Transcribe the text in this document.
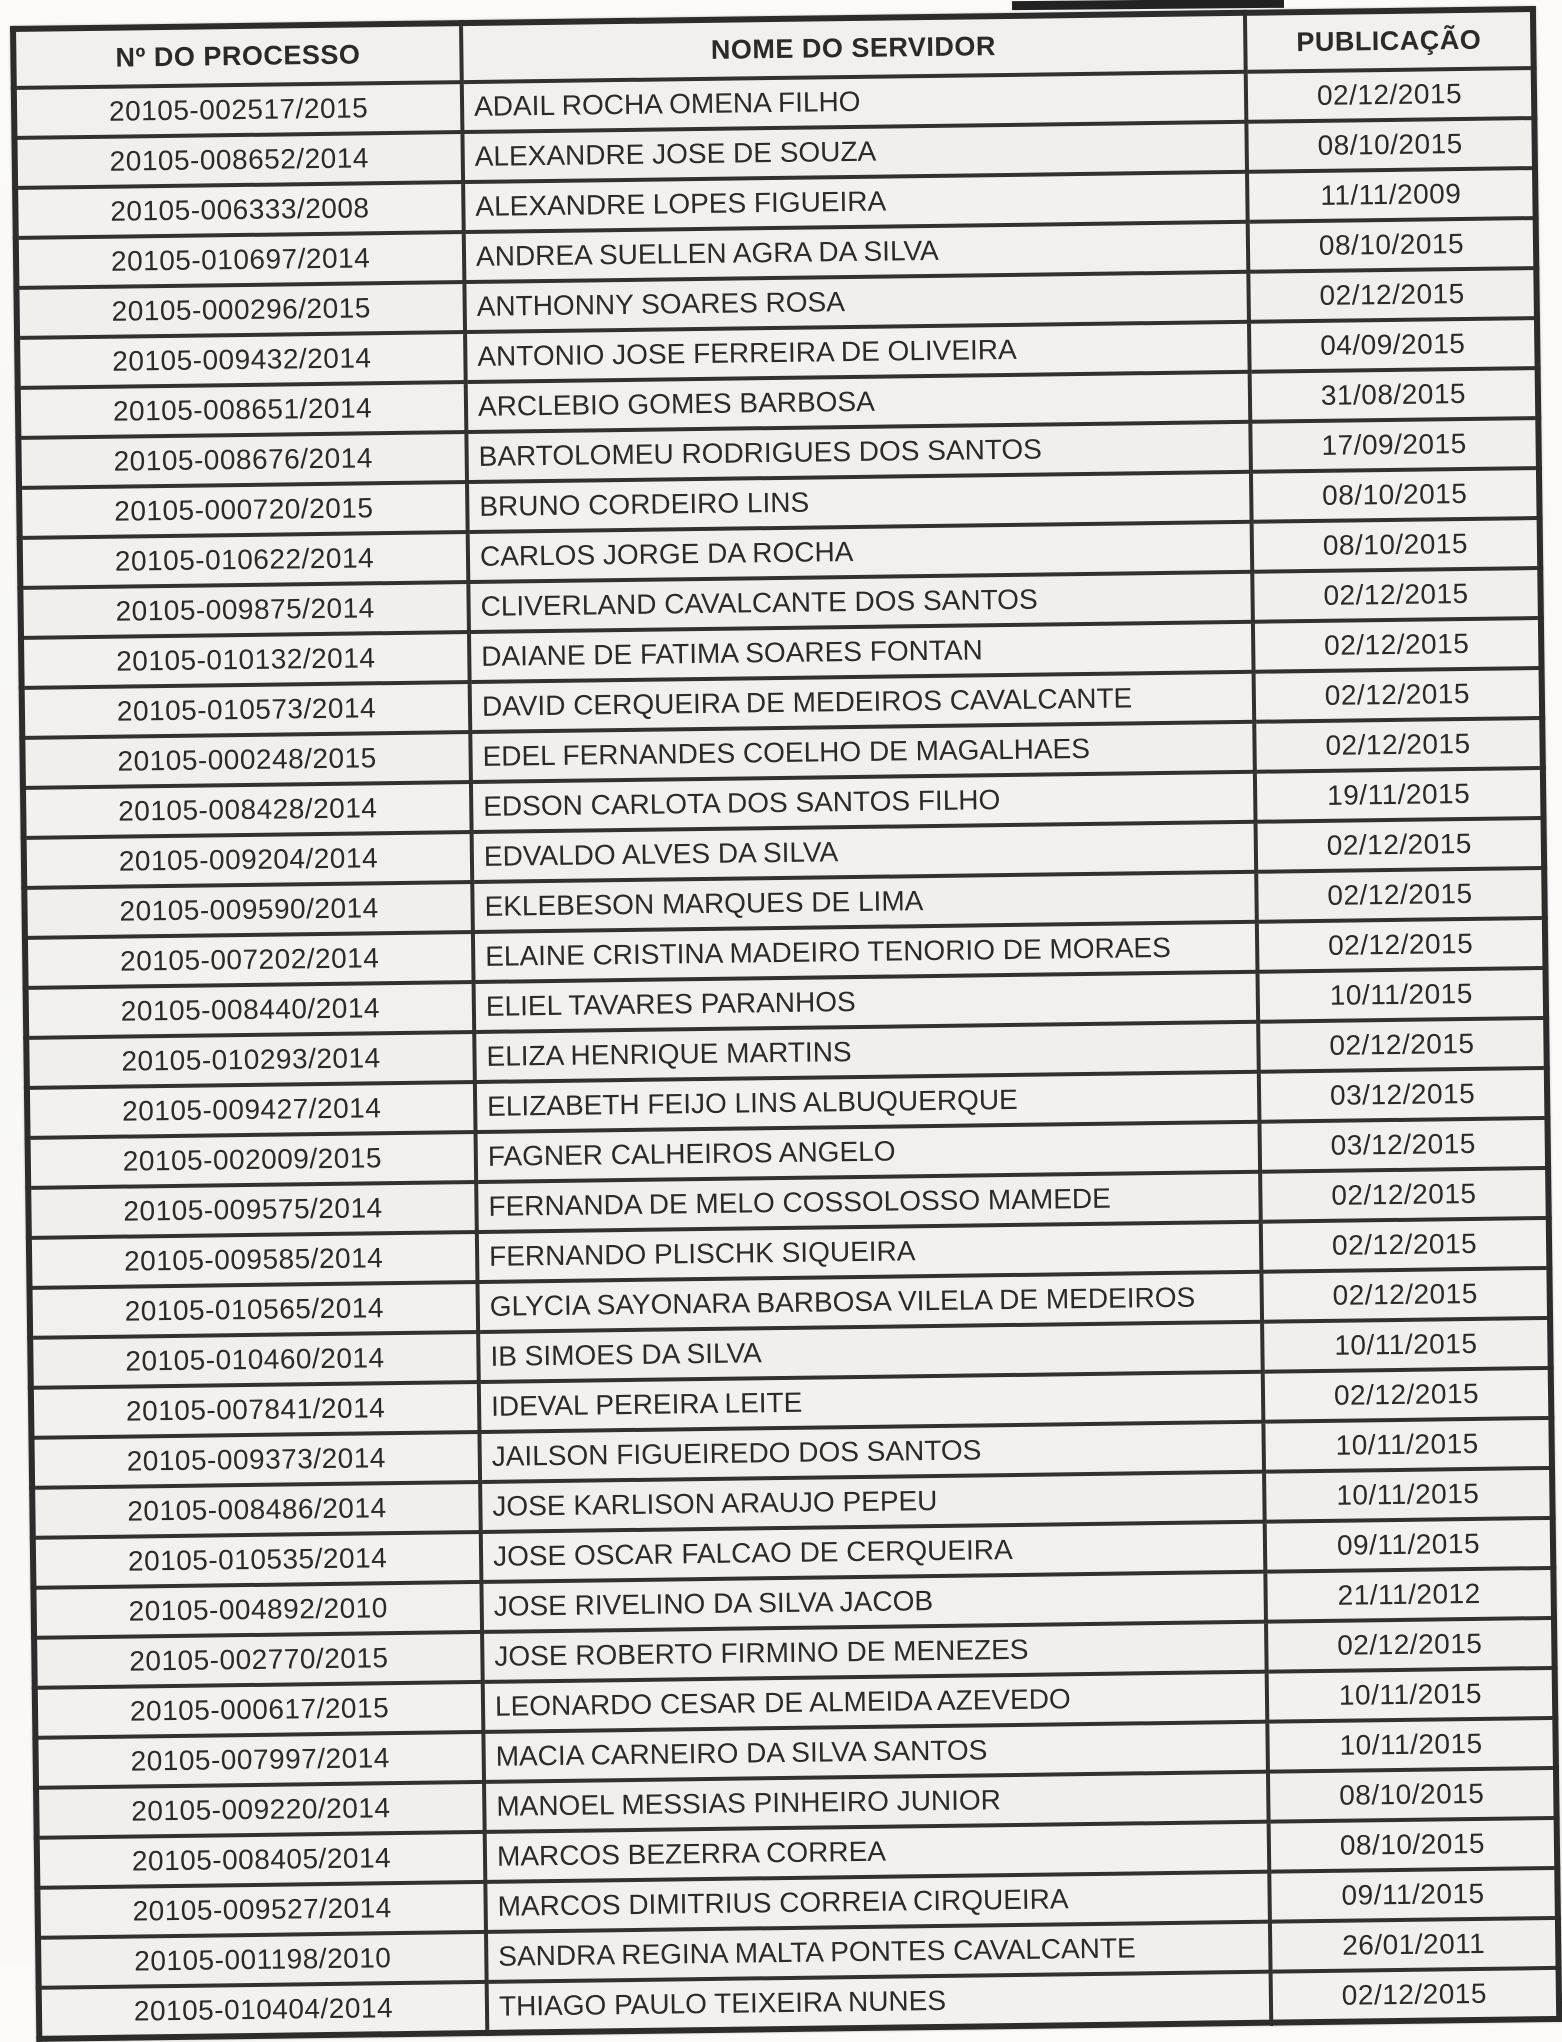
Nº DO PROCESSO	NOME DO SERVIDOR	PUBLICAÇÃO
20105-002517/2015	ADAIL ROCHA OMENA FILHO	02/12/2015
20105-008652/2014	ALEXANDRE JOSE DE SOUZA	08/10/2015
20105-006333/2008	ALEXANDRE LOPES FIGUEIRA	11/11/2009
20105-010697/2014	ANDREA SUELLEN AGRA DA SILVA	08/10/2015
20105-000296/2015	ANTHONNY SOARES ROSA	02/12/2015
20105-009432/2014	ANTONIO JOSE FERREIRA DE OLIVEIRA	04/09/2015
20105-008651/2014	ARCLEBIO GOMES BARBOSA	31/08/2015
20105-008676/2014	BARTOLOMEU RODRIGUES DOS SANTOS	17/09/2015
20105-000720/2015	BRUNO CORDEIRO LINS	08/10/2015
20105-010622/2014	CARLOS JORGE DA ROCHA	08/10/2015
20105-009875/2014	CLIVERLAND CAVALCANTE DOS SANTOS	02/12/2015
20105-010132/2014	DAIANE DE FATIMA SOARES FONTAN	02/12/2015
20105-010573/2014	DAVID CERQUEIRA DE MEDEIROS CAVALCANTE	02/12/2015
20105-000248/2015	EDEL FERNANDES COELHO DE MAGALHAES	02/12/2015
20105-008428/2014	EDSON CARLOTA DOS SANTOS FILHO	19/11/2015
20105-009204/2014	EDVALDO ALVES DA SILVA	02/12/2015
20105-009590/2014	EKLEBESON MARQUES DE LIMA	02/12/2015
20105-007202/2014	ELAINE CRISTINA MADEIRO TENORIO DE MORAES	02/12/2015
20105-008440/2014	ELIEL TAVARES PARANHOS	10/11/2015
20105-010293/2014	ELIZA HENRIQUE MARTINS	02/12/2015
20105-009427/2014	ELIZABETH FEIJO LINS ALBUQUERQUE	03/12/2015
20105-002009/2015	FAGNER CALHEIROS ANGELO	03/12/2015
20105-009575/2014	FERNANDA DE MELO COSSOLOSSO MAMEDE	02/12/2015
20105-009585/2014	FERNANDO PLISCHK SIQUEIRA	02/12/2015
20105-010565/2014	GLYCIA SAYONARA BARBOSA VILELA DE MEDEIROS	02/12/2015
20105-010460/2014	IB SIMOES DA SILVA	10/11/2015
20105-007841/2014	IDEVAL PEREIRA LEITE	02/12/2015
20105-009373/2014	JAILSON FIGUEIREDO DOS SANTOS	10/11/2015
20105-008486/2014	JOSE KARLISON ARAUJO PEPEU	10/11/2015
20105-010535/2014	JOSE OSCAR FALCAO DE CERQUEIRA	09/11/2015
20105-004892/2010	JOSE RIVELINO DA SILVA JACOB	21/11/2012
20105-002770/2015	JOSE ROBERTO FIRMINO DE MENEZES	02/12/2015
20105-000617/2015	LEONARDO CESAR DE ALMEIDA AZEVEDO	10/11/2015
20105-007997/2014	MACIA CARNEIRO DA SILVA SANTOS	10/11/2015
20105-009220/2014	MANOEL MESSIAS PINHEIRO JUNIOR	08/10/2015
20105-008405/2014	MARCOS BEZERRA CORREA	08/10/2015
20105-009527/2014	MARCOS DIMITRIUS CORREIA CIRQUEIRA	09/11/2015
20105-001198/2010	SANDRA REGINA MALTA PONTES CAVALCANTE	26/01/2011
20105-010404/2014	THIAGO PAULO TEIXEIRA NUNES	02/12/2015
